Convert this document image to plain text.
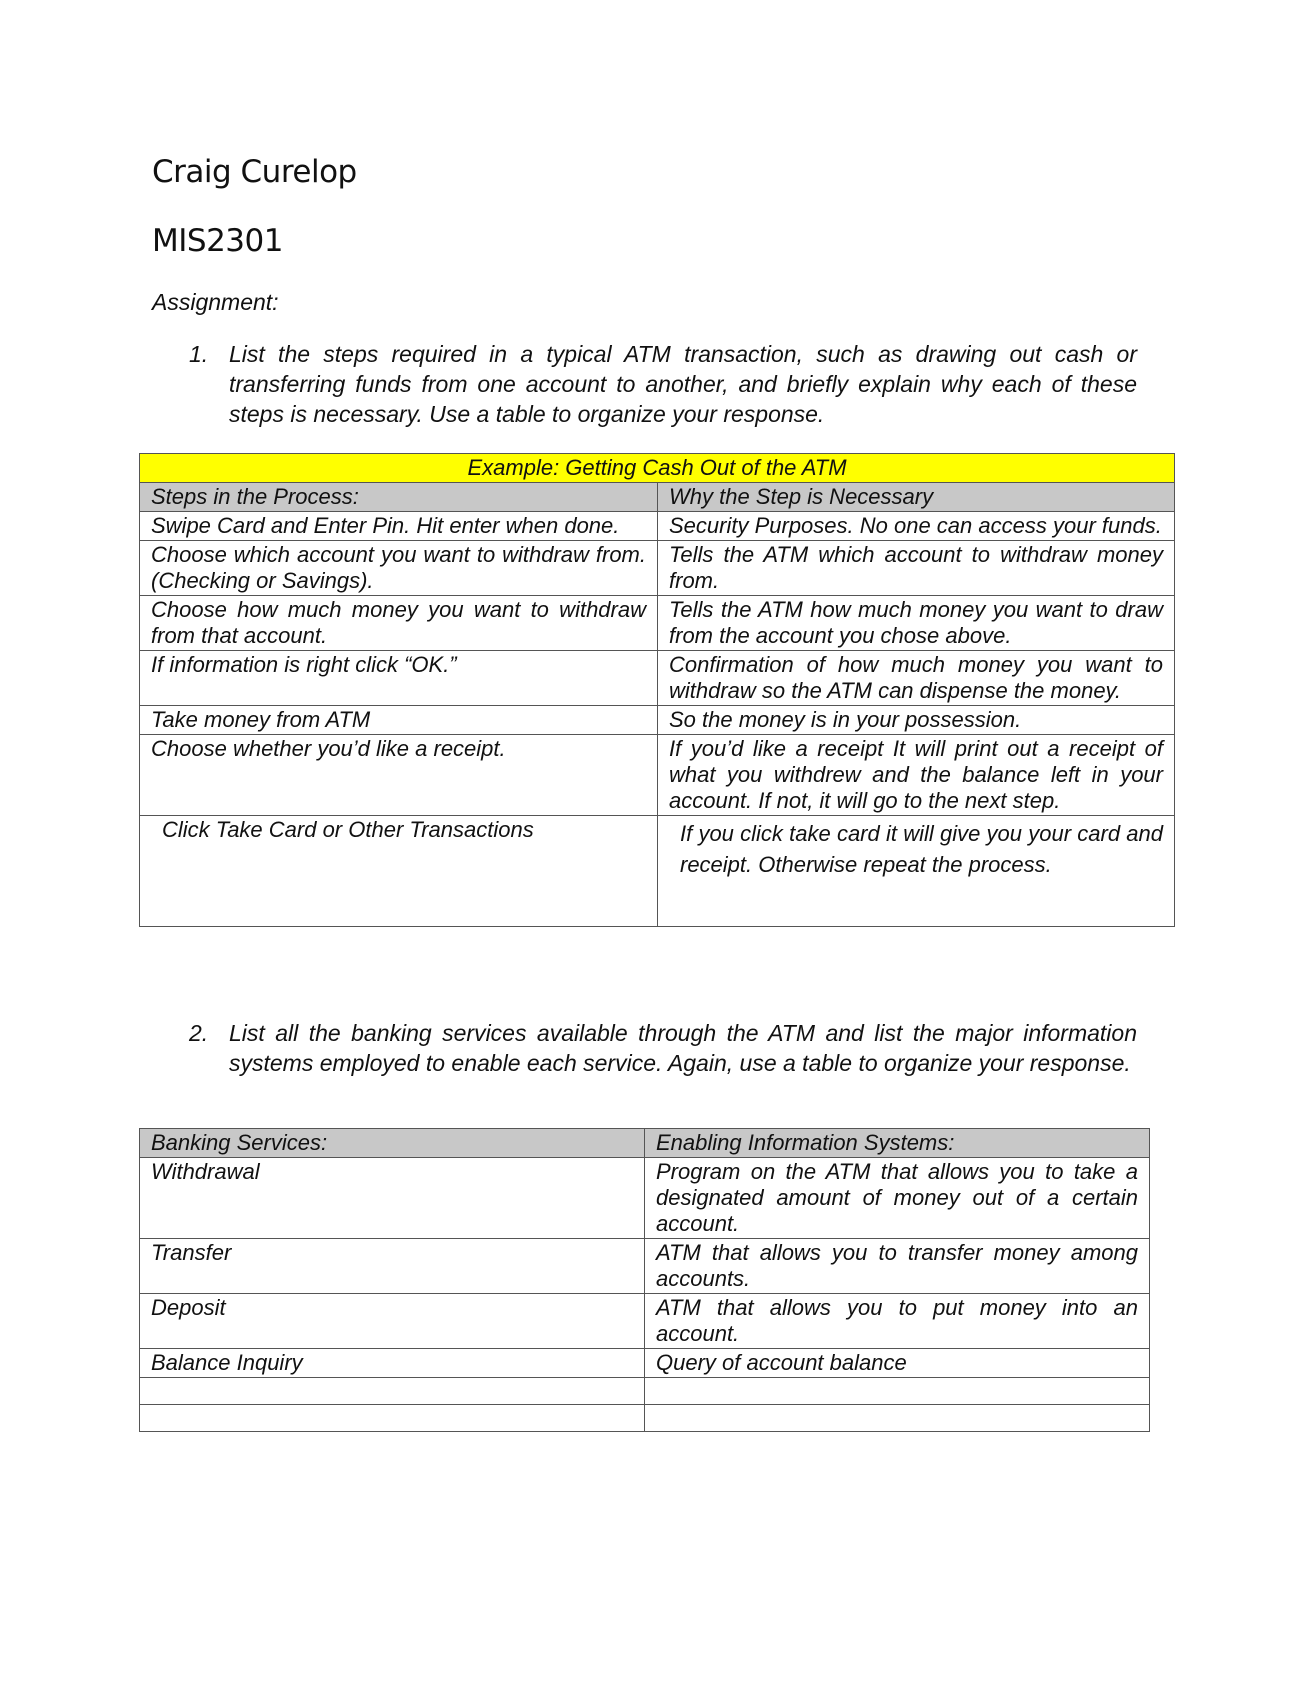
Craig Curelop
MIS2301
Assignment:
1. List the steps required in a typical ATM transaction, such as drawing out cash or transferring funds from one account to another, and briefly explain why each of these steps is necessary. Use a table to organize your response.
Example: Getting Cash Out of the ATM	
Steps in the Process:	Why the Step is Necessary
Swipe Card and Enter Pin. Hit enter when done.	Security Purposes. No one can access your funds.
Choose which account you want to withdraw from. (Checking or Savings).	Tells the ATM which account to withdraw money from.
Choose how much money you want to withdraw from that account.	Tells the ATM how much money you want to draw from the account you chose above.
If information is right click “OK.”	Confirmation of how much money you want to withdraw so the ATM can dispense the money.
Take money from ATM	So the money is in your possession.
Choose whether you’d like a receipt.	If you’d like a receipt It will print out a receipt of what you withdrew and the balance left in your account. If not, it will go to the next step.
Click Take Card or Other Transactions	If you click take card it will give you your card and receipt. Otherwise repeat the process.
2. List all the banking services available through the ATM and list the major information systems employed to enable each service. Again, use a table to organize your response.
Banking Services:	Enabling Information Systems:
Withdrawal	Program on the ATM that allows you to take a designated amount of money out of a certain account.
Transfer	ATM that allows you to transfer money among accounts.
Deposit	ATM that allows you to put money into an account.
Balance Inquiry	Query of account balance
